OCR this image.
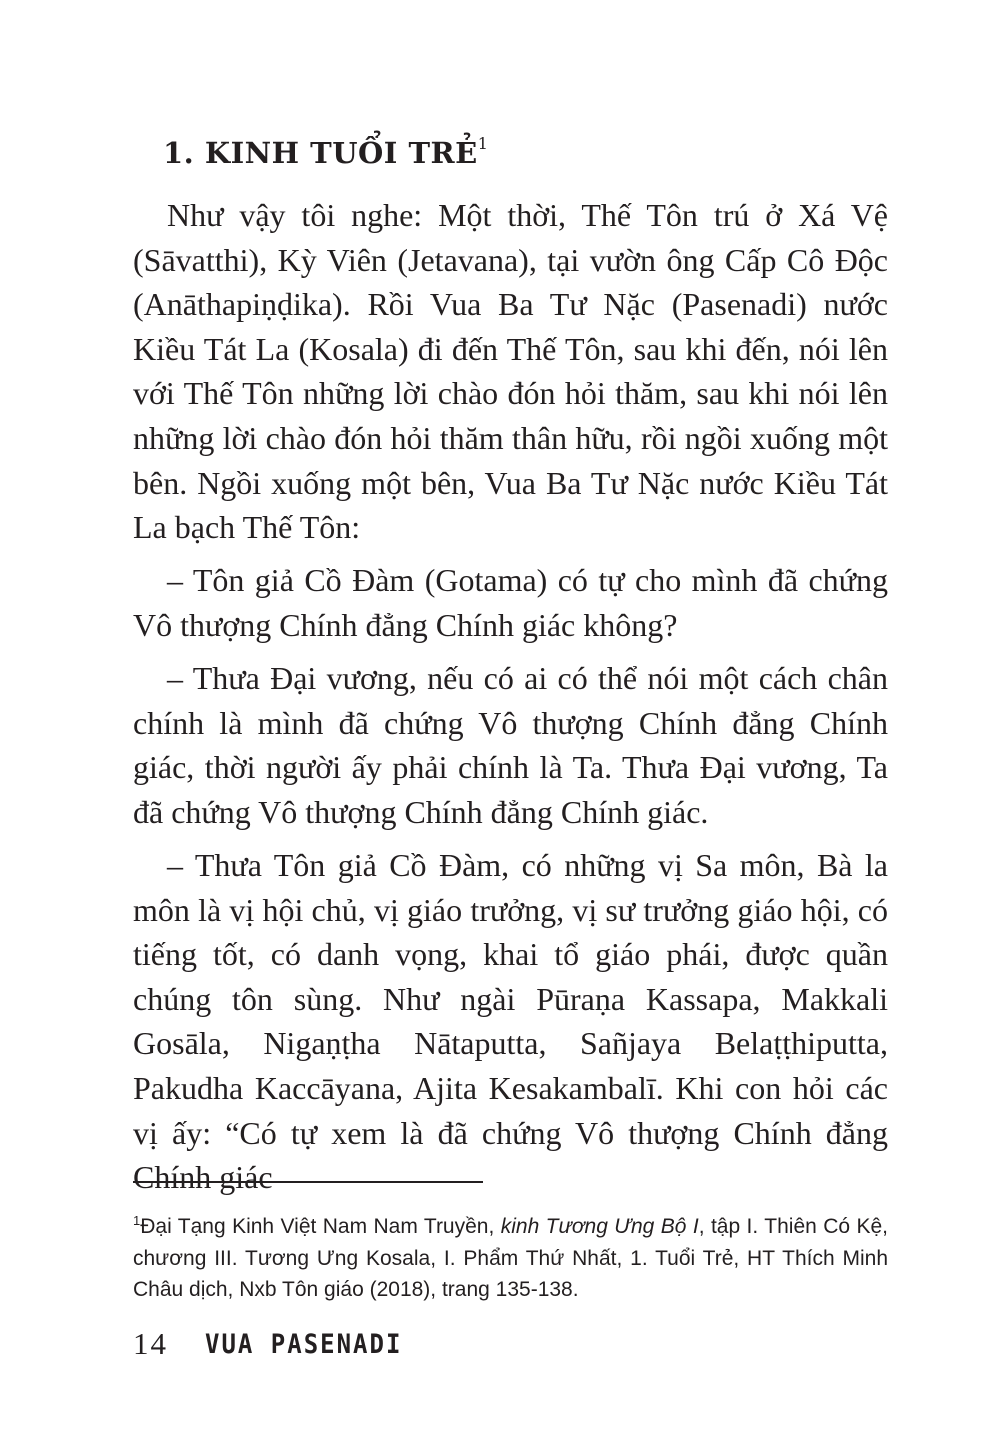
1. KINH TUỔI TRẺ$^1$

Như vậy tôi nghe: Một thời, Thế Tôn trú ở Xá Vệ (Sāvatthi), Kỳ Viên (Jetavana), tại vườn ông Cấp Cô Độc (Anāthapiṇḍika). Rồi Vua Ba Tư Nặc (Pasenadi) nước Kiều Tát La (Kosala) đi đến Thế Tôn, sau khi đến, nói lên với Thế Tôn những lời chào đón hỏi thăm, sau khi nói lên những lời chào đón hỏi thăm thân hữu, rồi ngồi xuống một bên. Ngồi xuống một bên, Vua Ba Tư Nặc nước Kiều Tát La bạch Thế Tôn:

– Tôn giả Cồ Đàm (Gotama) có tự cho mình đã chứng Vô thượng Chính đẳng Chính giác không?

– Thưa Đại vương, nếu có ai có thể nói một cách chân chính là mình đã chứng Vô thượng Chính đẳng Chính giác, thời người ấy phải chính là Ta. Thưa Đại vương, Ta đã chứng Vô thượng Chính đẳng Chính giác.

– Thưa Tôn giả Cồ Đàm, có những vị Sa môn, Bà la môn là vị hội chủ, vị giáo trưởng, vị sư trưởng giáo hội, có tiếng tốt, có danh vọng, khai tổ giáo phái, được quần chúng tôn sùng. Như ngài Pūraṇa Kassapa, Makkali Gosāla, Nigaṇṭha Nātaputta, Sañjaya Belaṭṭhiputta, Pakudha Kaccāyana, Ajita Kesakambalī. Khi con hỏi các vị ấy: “Có tự xem là đã chứng Vô thượng Chính đẳng Chính giác

$^1$Đại Tạng Kinh Việt Nam Nam Truyền, kinh Tương Ưng Bộ I, tập I. Thiên Có Kệ, chương III. Tương Ưng Kosala, I. Phẩm Thứ Nhất, 1. Tuổi Trẻ, HT Thích Minh Châu dịch, Nxb Tôn giáo (2018), trang 135-138.

14 VUA PASENADI
